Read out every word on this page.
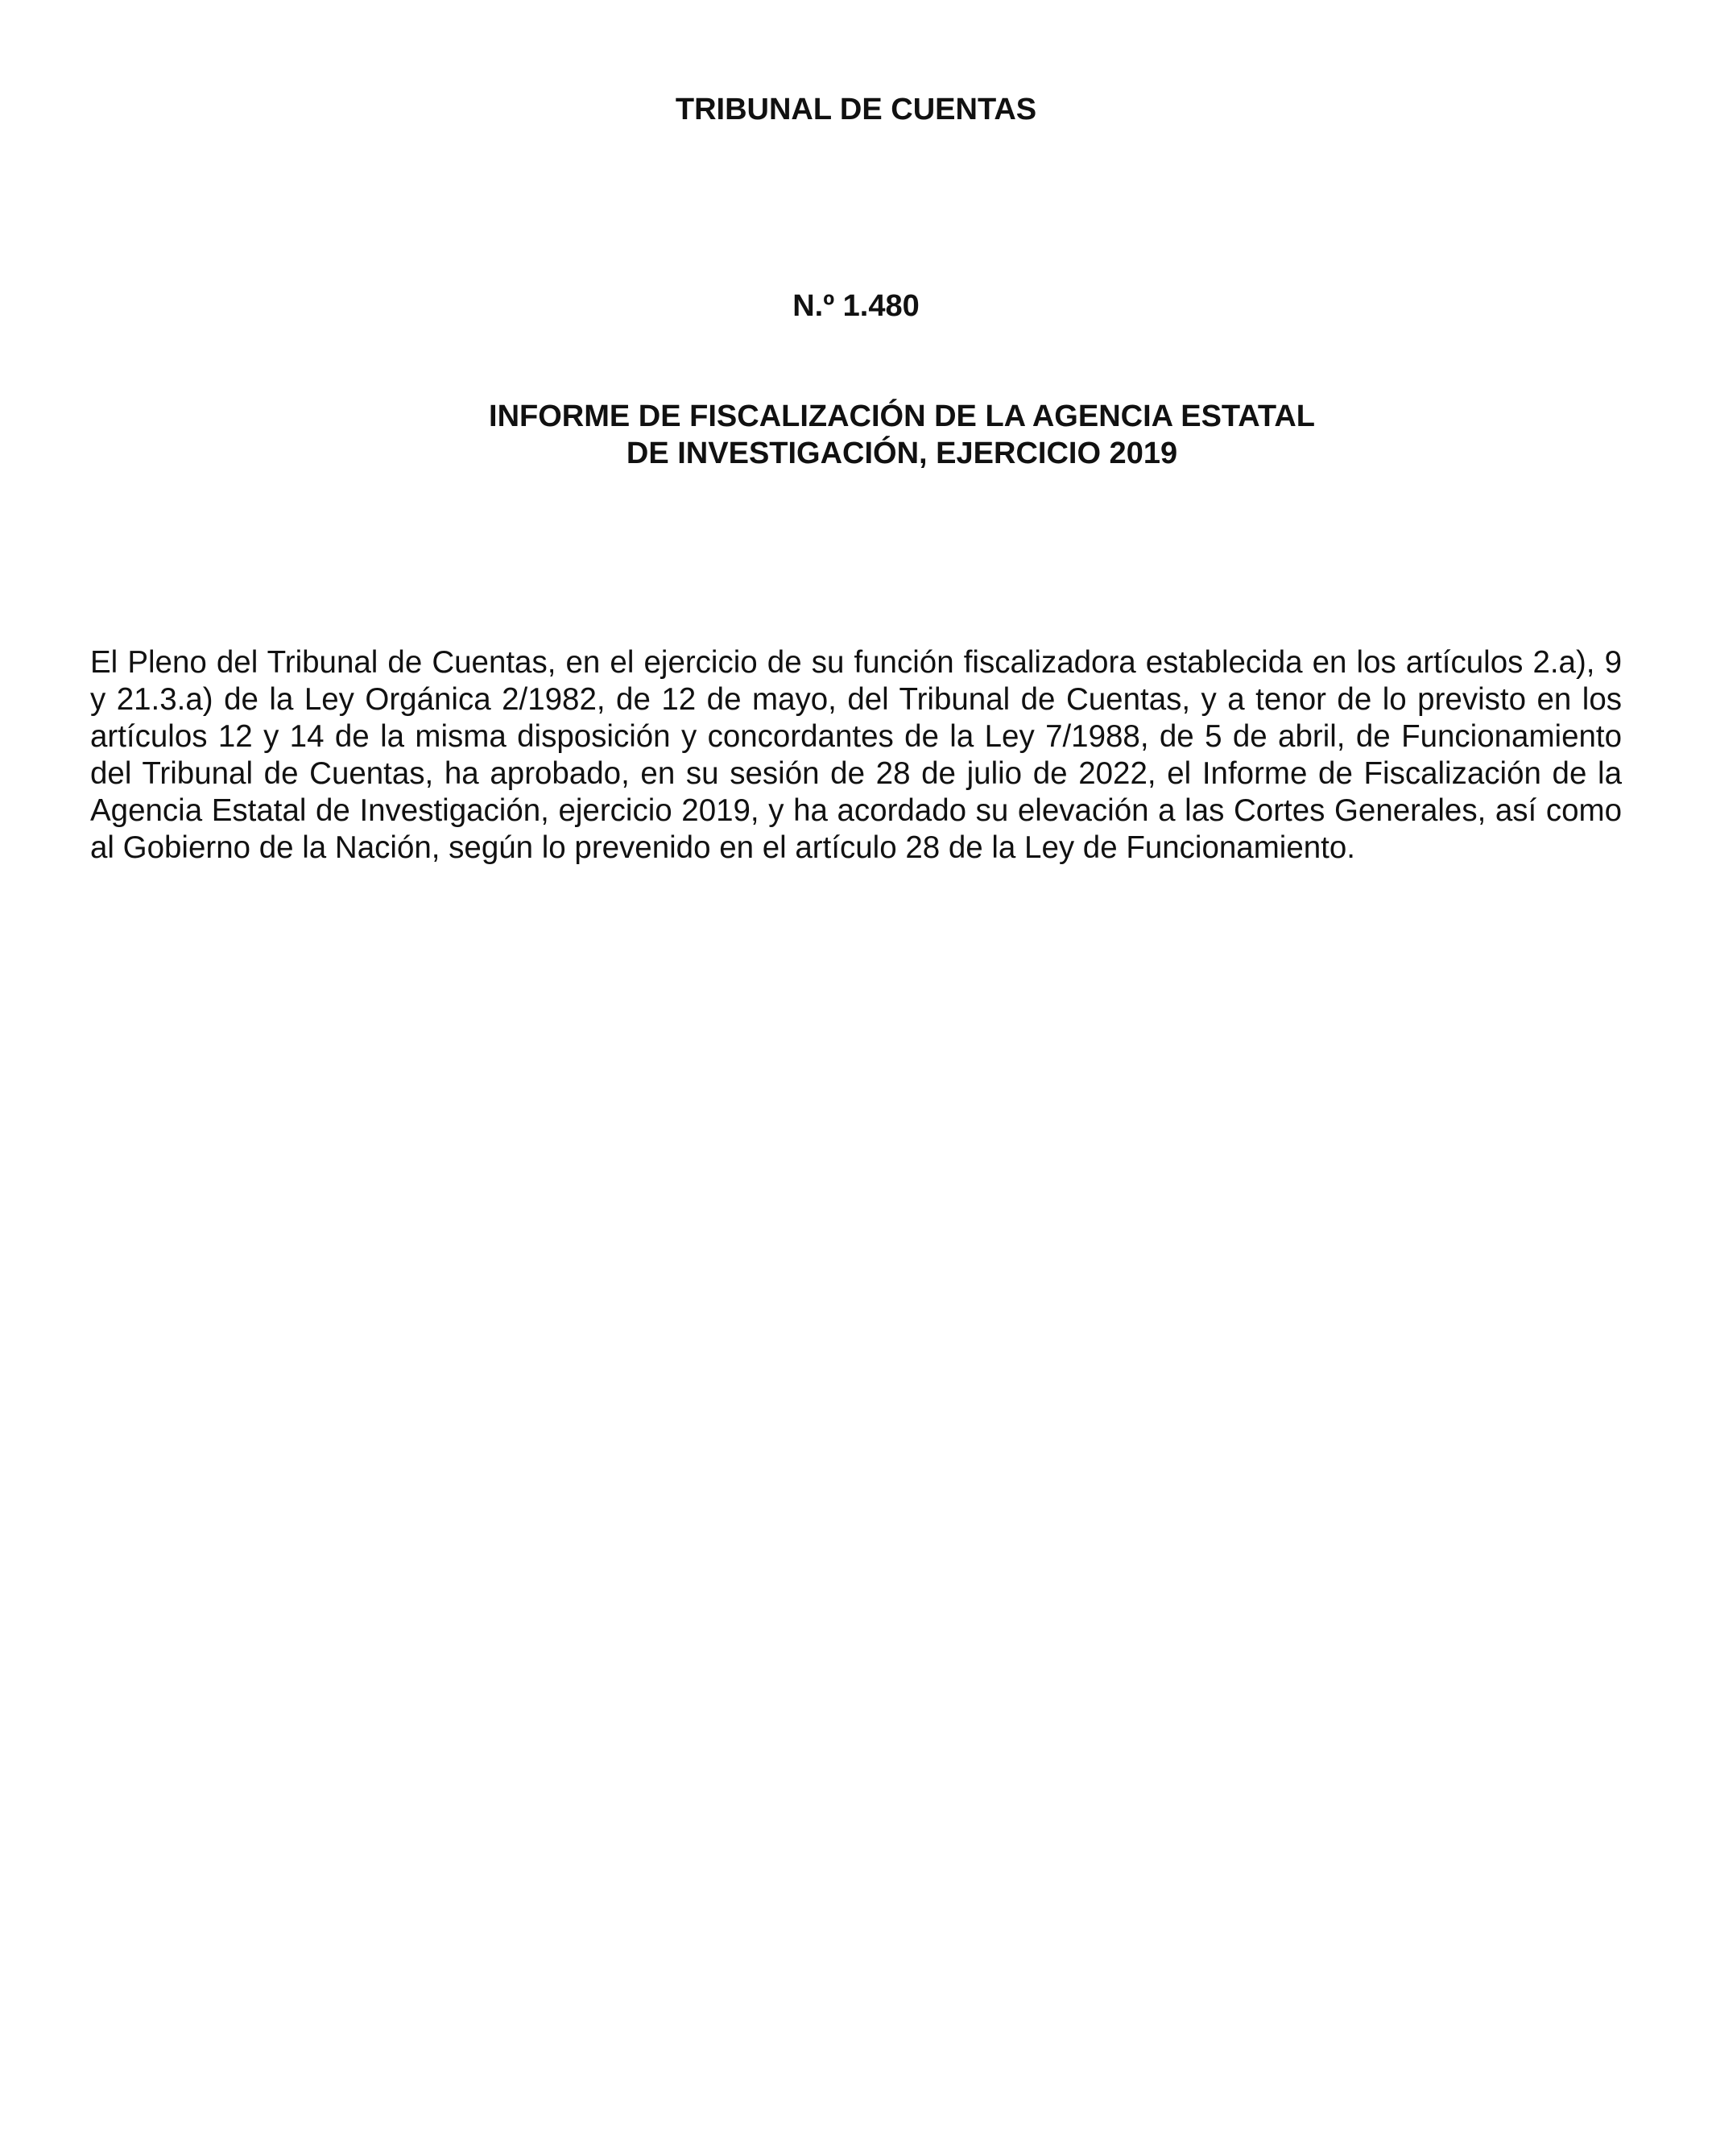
TRIBUNAL DE CUENTAS
N.º 1.480
INFORME DE FISCALIZACIÓN DE LA AGENCIA ESTATAL
DE INVESTIGACIÓN, EJERCICIO 2019

El Pleno del Tribunal de Cuentas, en el ejercicio de su función fiscalizadora establecida en los artículos 2.a), 9 y 21.3.a) de la Ley Orgánica 2/1982, de 12 de mayo, del Tribunal de Cuentas, y a tenor de lo previsto en los artículos 12 y 14 de la misma disposición y concordantes de la Ley 7/1988, de 5 de abril, de Funcionamiento del Tribunal de Cuentas, ha aprobado, en su sesión de 28 de julio de 2022, el Informe de Fiscalización de la Agencia Estatal de Investigación, ejercicio 2019, y ha acordado su elevación a las Cortes Generales, así como al Gobierno de la Nación, según lo prevenido en el artículo 28 de la Ley de Funcionamiento.
